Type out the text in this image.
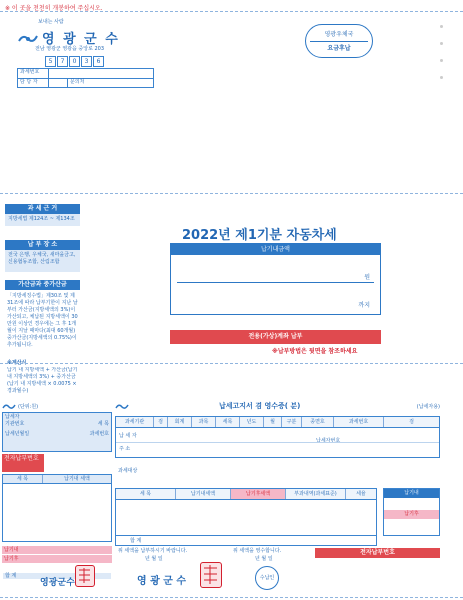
※ 이 곳을 천천히 개봉하여 주십시오.
보내는 사람
영 광 군 수
전남 영광군 영광읍 중앙로 203
5	7	0	3	6
과세번호
담 당 자	문의처
영광우체국
요금후납
과 세 근 거
지방세법 제124조 ~ 제134조
납 부 장 소
전국 은행, 우체국, 새마을금고, 신용협동조합, 산림조합
가산금과 중가산금
「지방세징수법」제30조 및 제31조에 따라 납부기한이 지난 날부터 가산금(지방세액의 3%)이 가산되고, 체납된 지방세액이 30만원 이상인 경우에는 그 후 1개월이 지날 때마다(최대 60개월) 중가산금(지방세액의 0.75%)이 추가됩니다.
※계산식
납기 내 지방세액 + 가산금(납기 내 지방세액의 3%) + 중가산금(납기 내 지방세액 × 0.0075 × 경과월수)
2022년 제1기분 자동차세
납기내금액
원
까지
전용(가상)계좌 납부
※납부방법은 뒷면을 참조하세요
(단위:원)
납세자
기관번호	세 목
납세년월일	과세번호
전자납부번호
세 목	납기내 세액
합 계
납기내
납기후
영광군수
납세고지서 겸 영수증( 분)	(납세자용)
과세기관	검	회계	과목	세목	년도	월	구분	종면호	과세번호	검
납 세 자
주 소
납세자번호
과세대상
세 목	납기내세액	납기후세액	부과내역(과세표준)	세율
합 계
납기내
납기후
전자납부번호
위 세액을 납부하시기 바랍니다.	위 세액을 영수합니다.
년 월 일	년 월 일
영 광 군 수	수납인
